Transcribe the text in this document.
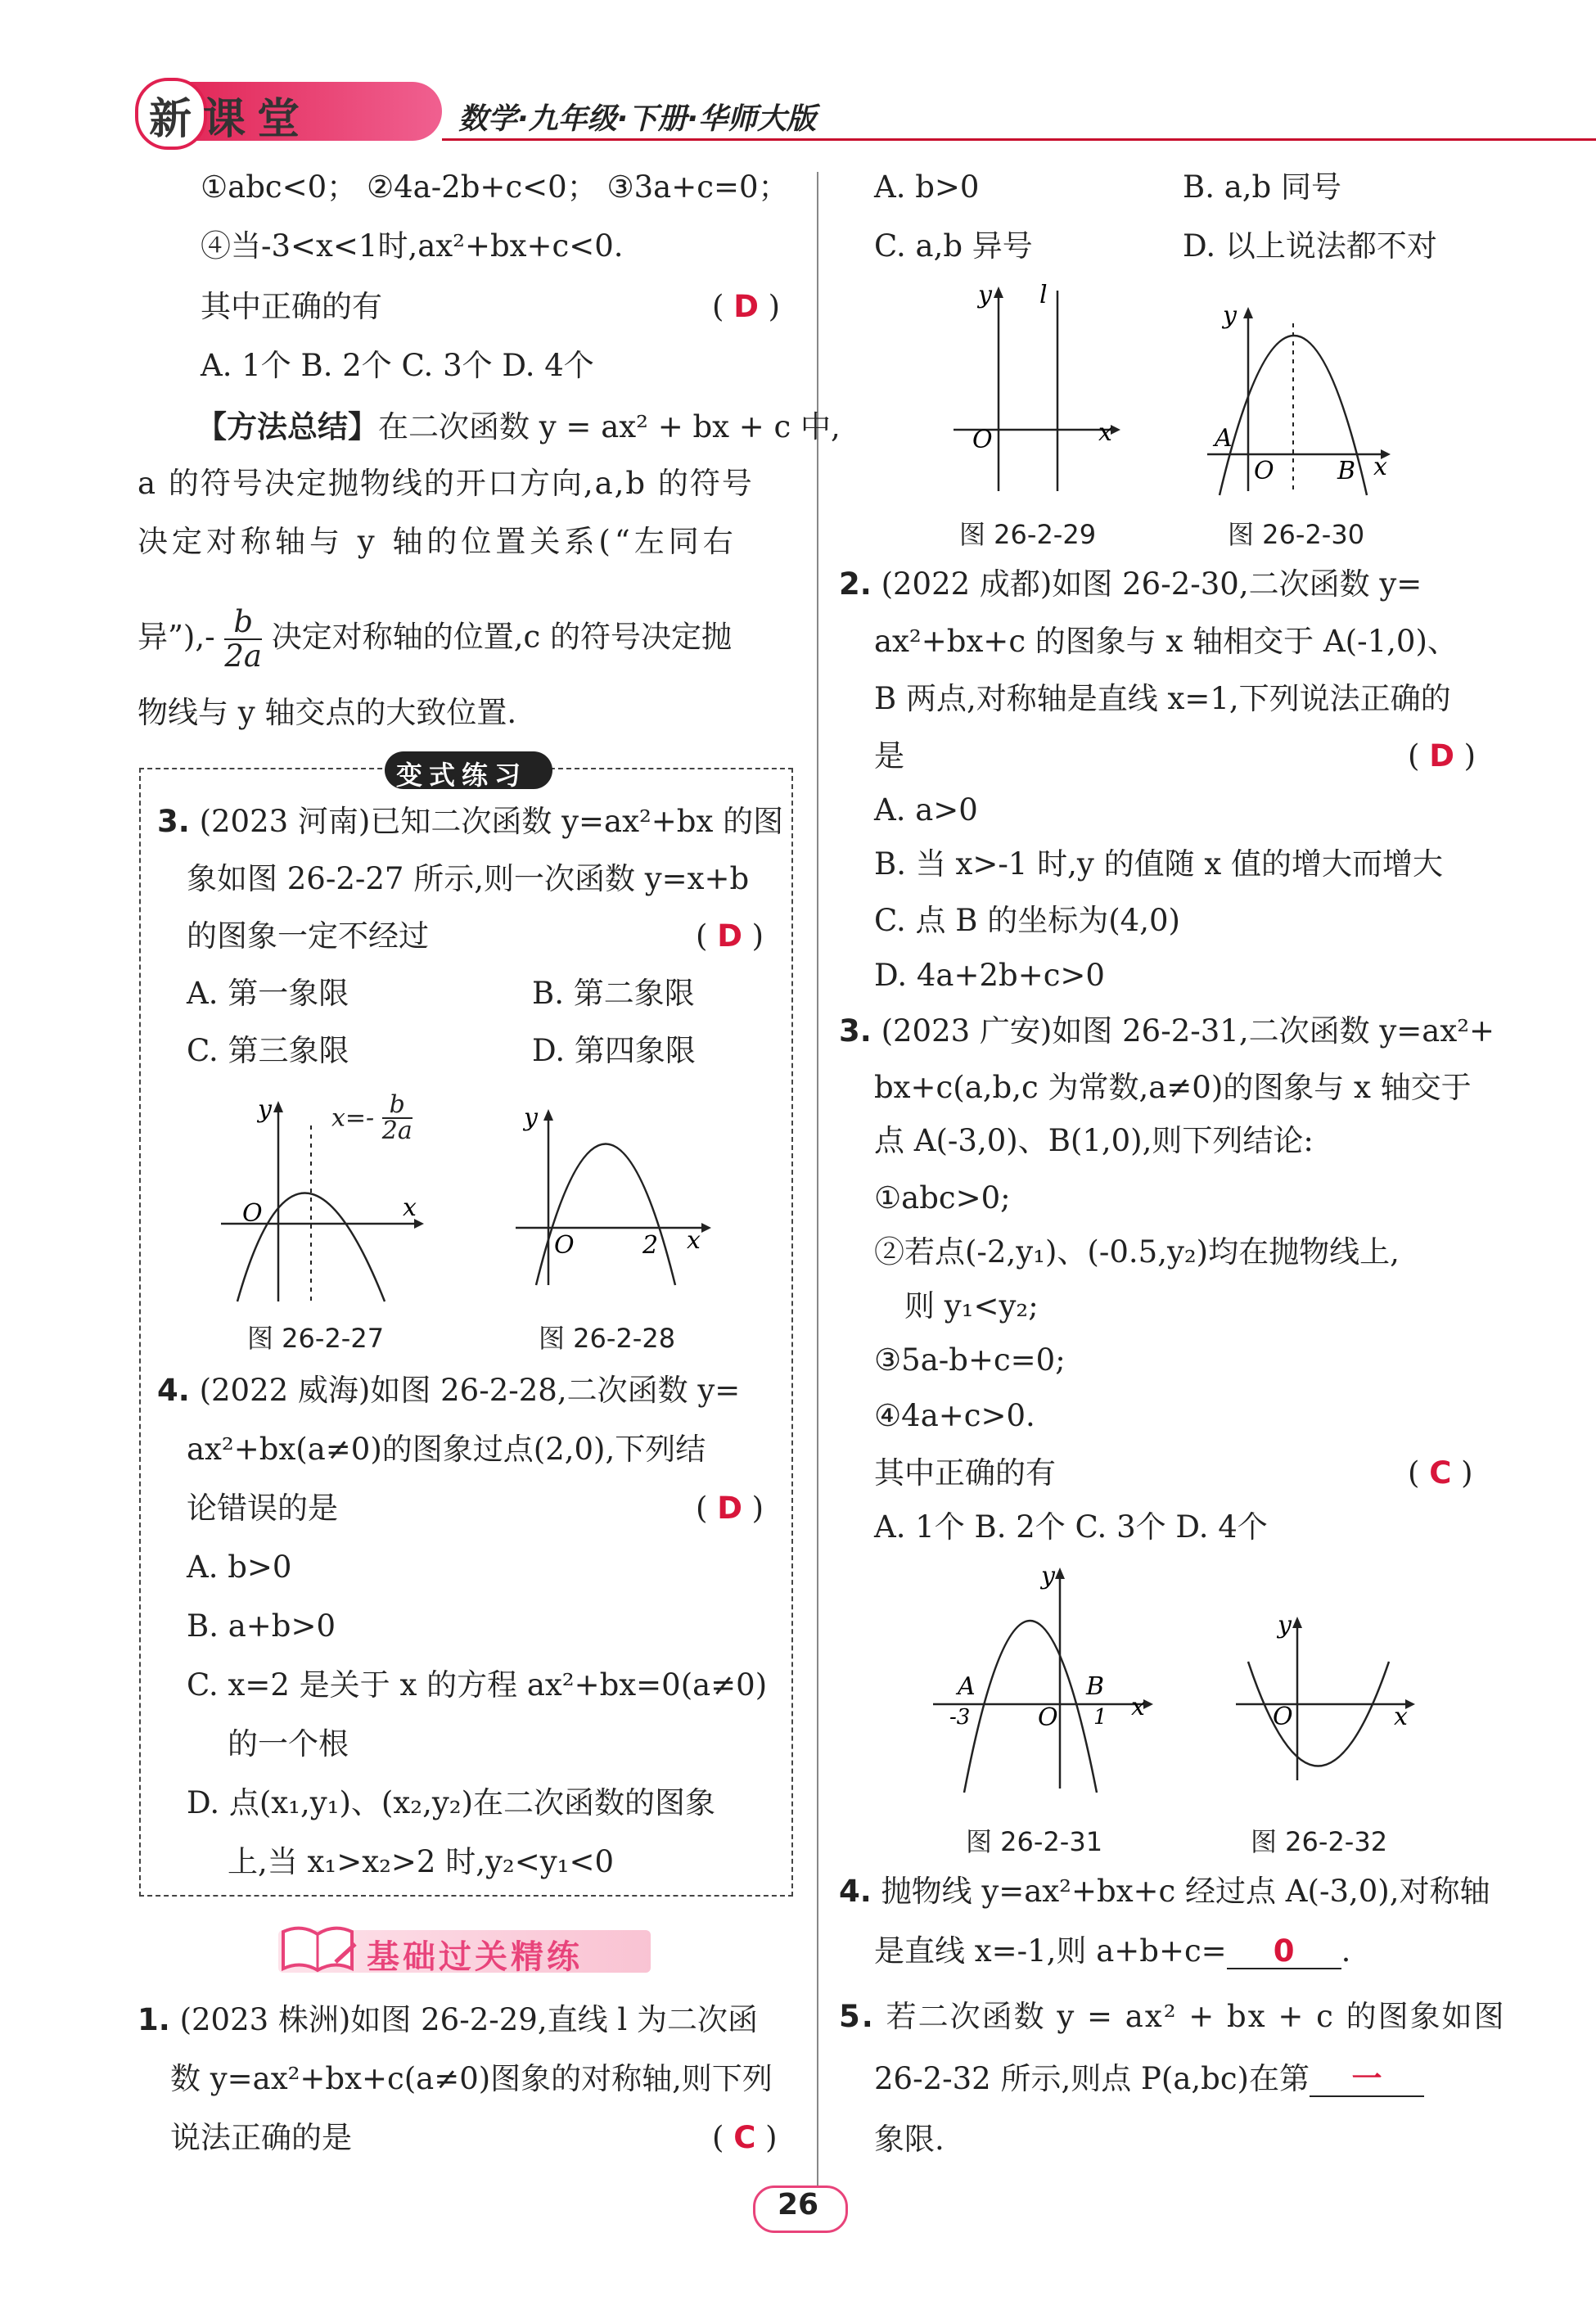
新课堂	数学·九年级·下册·华师大版
①abc<0； ②4a-2b+c<0； ③3a+c=0；
④当-3<x<1时,ax²+bx+c<0.
其中正确的有	( D )
A. 1个 B. 2个 C. 3个 D. 4个
【方法总结】在二次函数 y = ax² + bx + c 中,
a 的符号决定抛物线的开口方向,a,b 的符号
决定对称轴与 y 轴的位置关系(“左同右
异”),- $\frac{b}{2a}$ 决定对称轴的位置,c 的符号决定抛
物线与 y 轴交点的大致位置.
变式练习
3. (2023 河南)已知二次函数 y=ax²+bx 的图
象如图 26-2-27 所示,则一次函数 y=x+b
的图象一定不经过	( D )
A. 第一象限	B. 第二象限
C. 第三象限	D. 第四象限
y
x
O
$x=- \frac{b}{2a}$
图 26-2-27
y
x
O	2
图 26-2-28
4. (2022 威海)如图 26-2-28,二次函数 y=
ax²+bx(a≠0)的图象过点(2,0),下列结
论错误的是	( D )
A. b>0
B. a+b>0
C. x=2 是关于 x 的方程 ax²+bx=0(a≠0)
的一个根
D. 点(x₁,y₁)、(x₂,y₂)在二次函数的图象
上,当 x₁>x₂>2 时,y₂<y₁<0
基础过关精练
1. (2023 株洲)如图 26-2-29,直线 l 为二次函
数 y=ax²+bx+c(a≠0)图象的对称轴,则下列
说法正确的是	( C )
A. b>0	B. a,b 同号
C. a,b 异号	D. 以上说法都不对
y l
x
O
图 26-2-29
y
x
O
A
B
图 26-2-30
2. (2022 成都)如图 26-2-30,二次函数 y=
ax²+bx+c 的图象与 x 轴相交于 A(-1,0)、
B 两点,对称轴是直线 x=1,下列说法正确的
是	( D )
A. a>0
B. 当 x>-1 时,y 的值随 x 值的增大而增大
C. 点 B 的坐标为(4,0)
D. 4a+2b+c>0
3. (2023 广安)如图 26-2-31,二次函数 y=ax²+
bx+c(a,b,c 为常数,a≠0)的图象与 x 轴交于
点 A(-3,0)、B(1,0),则下列结论:
①abc>0;
②若点(-2,y₁)、(-0.5,y₂)均在抛物线上,
则 y₁<y₂;
③5a-b+c=0;
④4a+c>0.
其中正确的有	( C )
A. 1个 B. 2个 C. 3个 D. 4个
y
x
O
A	B
-3	1
图 26-2-31
y
x
O
图 26-2-32
4. 抛物线 y=ax²+bx+c 经过点 A(-3,0),对称轴
是直线 x=-1,则 a+b+c= 0 .
5. 若二次函数 y = ax² + bx + c 的图象如图
26-2-32 所示,则点 P(a,bc)在第 一
象限.
26
